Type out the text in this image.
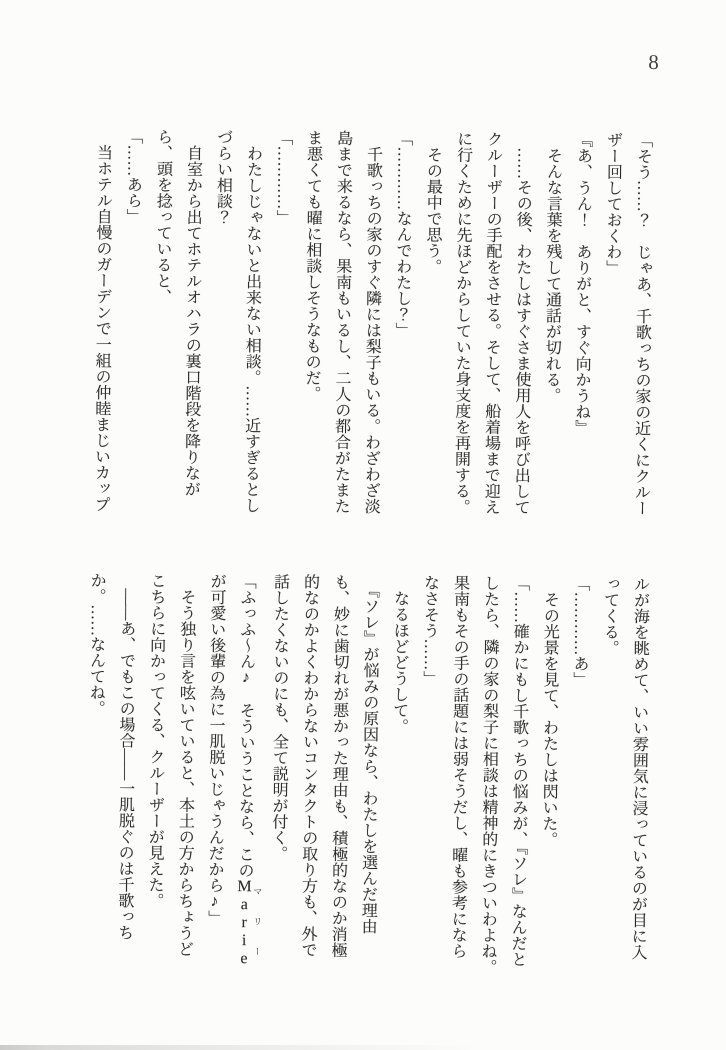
8
「そう……？　じゃあ、千歌っちの家の近くにクルー
ザー回しておくわ」
『あ、うん！　ありがと、すぐ向かうね』
　そんな言葉を残して通話が切れる。
　……その後、わたしはすぐさま使用人を呼び出して
クルーザーの手配をさせる。そして、船着場まで迎え
に行くために先ほどからしていた身支度を再開する。
　その最中で思う。
「…………なんでわたし？」
　千歌っちの家のすぐ隣には梨子もいる。わざわざ淡
島まで来るなら、果南もいるし、二人の都合がたまた
ま悪くても曜に相談しそうなものだ。
「…………」
　わたしじゃないと出来ない相談。……近すぎるとし
づらい相談？
　自室から出てホテルオハラの裏口階段を降りなが
ら、頭を捻っていると、
「……あら」
　当ホテル自慢のガーデンで一組の仲睦まじいカップ
ルが海を眺めて、いい雰囲気に浸っているのが目に入
ってくる。
「…………あ」
　その光景を見て、わたしは閃いた。
「……確かにもし千歌っちの悩みが、『ソレ』なんだと
したら、隣の家の梨子に相談は精神的にきついわよね。
果南もその手の話題には弱そうだし、曜も参考になら
なさそう……」
　なるほどどうして。
　『ソレ』が悩みの原因なら、わたしを選んだ理由
も、妙に歯切れが悪かった理由も、積極的なのか消極
的なのかよくわからないコンタクトの取り方も、外で
話したくないのにも、全て説明が付く。
「ふっふ〜ん♪　そういうことなら、このMarieマリー
が可愛い後輩の為に一肌脱いじゃうんだから♪」
　そう独り言を呟いていると、本土の方からちょうど
こちらに向かってくる、クルーザーが見えた。
　――あ、でもこの場合――一肌脱ぐのは千歌っち
か。……なんてね。
